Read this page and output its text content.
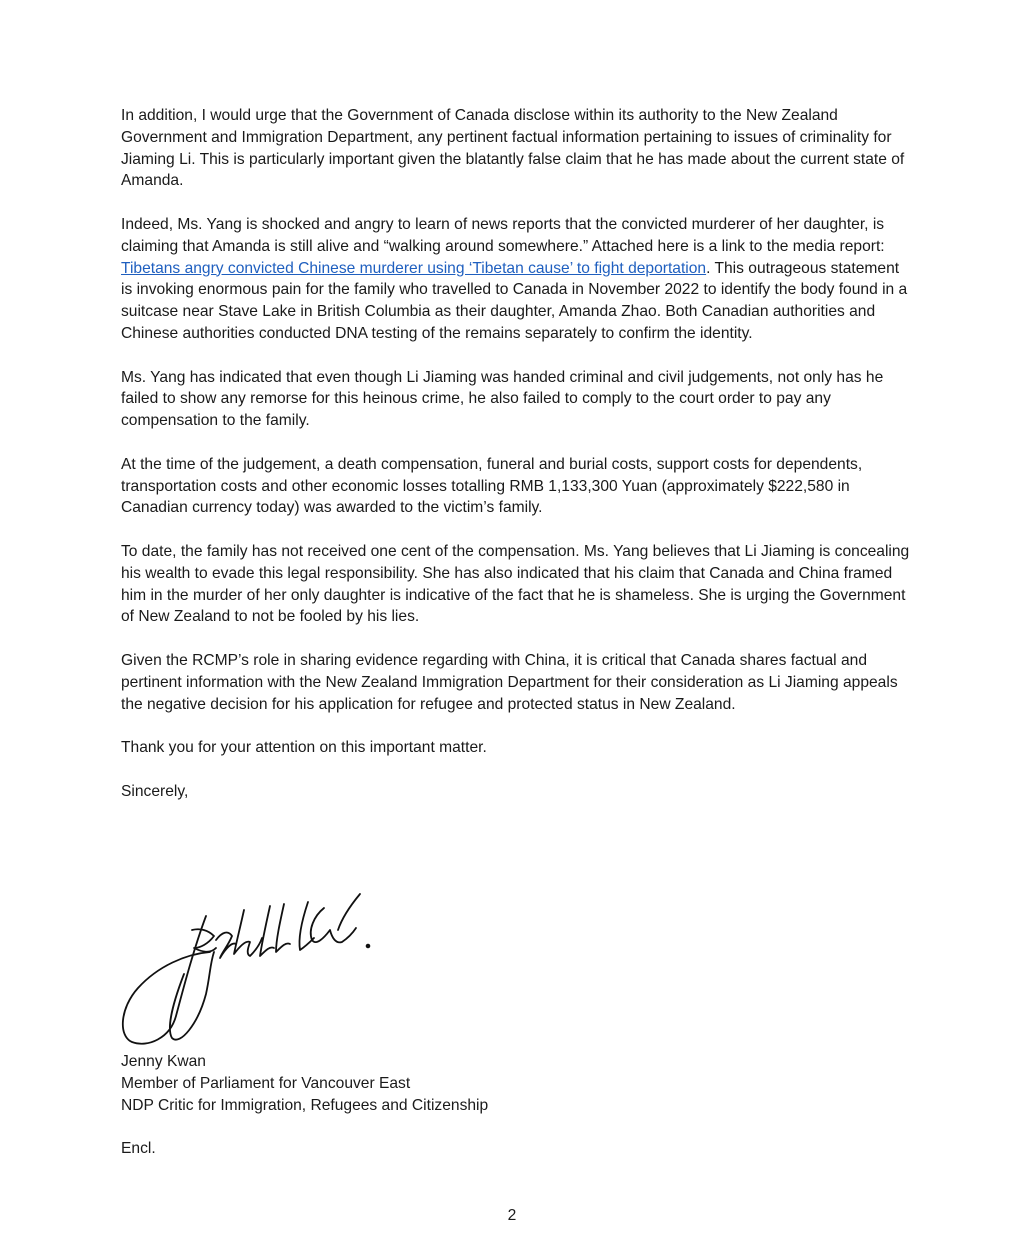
In addition, I would urge that the Government of Canada disclose within its authority to the New Zealand Government and Immigration Department, any pertinent factual information pertaining to issues of criminality for Jiaming Li. This is particularly important given the blatantly false claim that he has made about the current state of Amanda.

Indeed, Ms. Yang is shocked and angry to learn of news reports that the convicted murderer of her daughter, is claiming that Amanda is still alive and “walking around somewhere.” Attached here is a link to the media report: Tibetans angry convicted Chinese murderer using ‘Tibetan cause’ to fight deportation. This outrageous statement is invoking enormous pain for the family who travelled to Canada in November 2022 to identify the body found in a suitcase near Stave Lake in British Columbia as their daughter, Amanda Zhao. Both Canadian authorities and Chinese authorities conducted DNA testing of the remains separately to confirm the identity.

Ms. Yang has indicated that even though Li Jiaming was handed criminal and civil judgements, not only has he failed to show any remorse for this heinous crime, he also failed to comply to the court order to pay any compensation to the family.

At the time of the judgement, a death compensation, funeral and burial costs, support costs for dependents, transportation costs and other economic losses totalling RMB 1,133,300 Yuan (approximately $222,580 in Canadian currency today) was awarded to the victim’s family.

To date, the family has not received one cent of the compensation. Ms. Yang believes that Li Jiaming is concealing his wealth to evade this legal responsibility. She has also indicated that his claim that Canada and China framed him in the murder of her only daughter is indicative of the fact that he is shameless. She is urging the Government of New Zealand to not be fooled by his lies.

Given the RCMP’s role in sharing evidence regarding with China, it is critical that Canada shares factual and pertinent information with the New Zealand Immigration Department for their consideration as Li Jiaming appeals the negative decision for his application for refugee and protected status in New Zealand.

Thank you for your attention on this important matter.

Sincerely,

Jenny Kwan
Member of Parliament for Vancouver East
NDP Critic for Immigration, Refugees and Citizenship
Encl.
2
